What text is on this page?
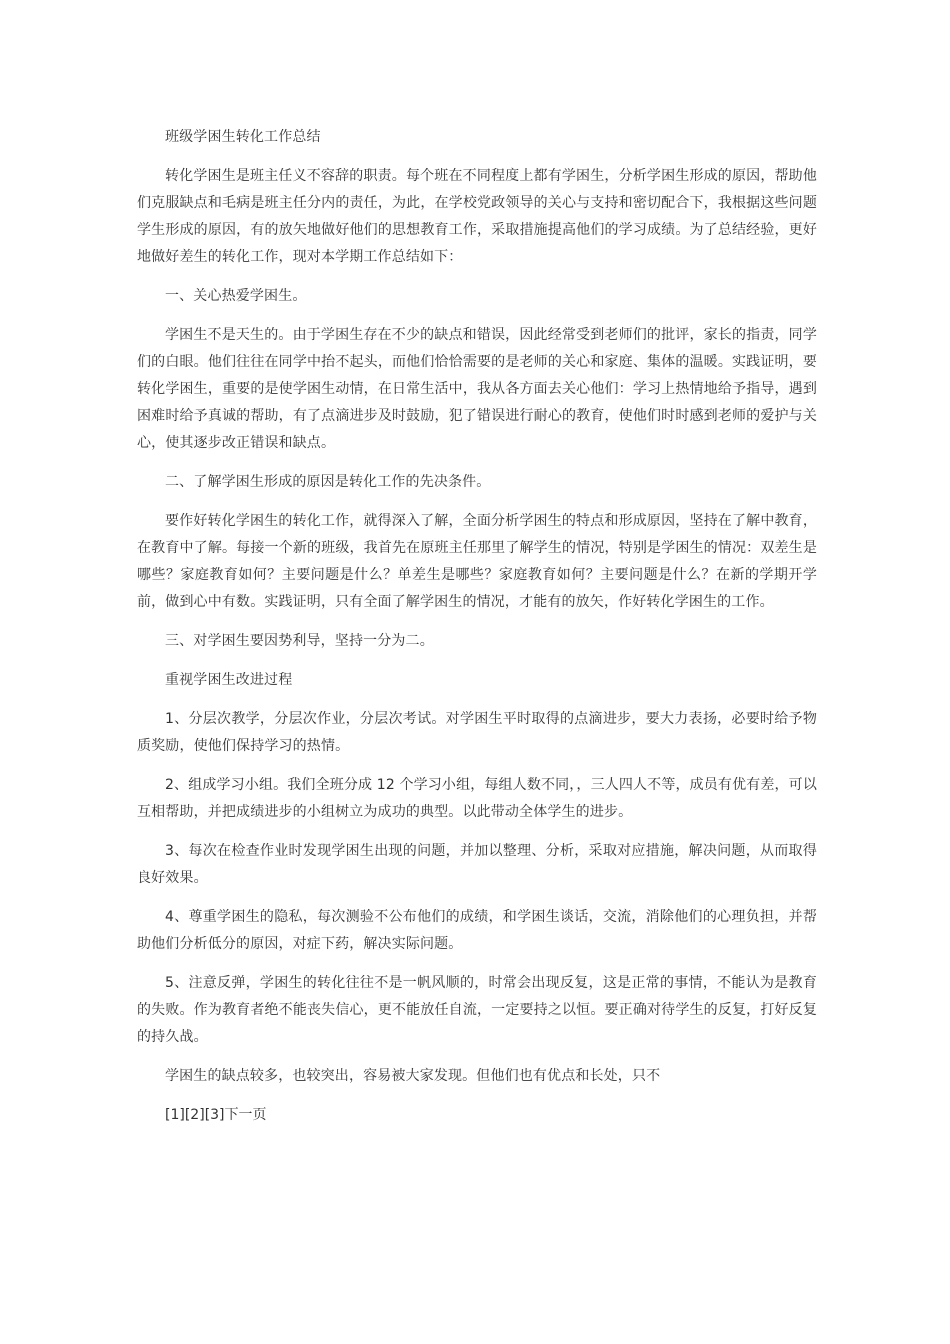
班级学困生转化工作总结

转化学困生是班主任义不容辞的职责。每个班在不同程度上都有学困生，分析学困生形成的原因，帮助他们克服缺点和毛病是班主任分内的责任，为此，在学校党政领导的关心与支持和密切配合下，我根据这些问题学生形成的原因，有的放矢地做好他们的思想教育工作，采取措施提高他们的学习成绩。为了总结经验，更好地做好差生的转化工作，现对本学期工作总结如下：

一、关心热爱学困生。

学困生不是天生的。由于学困生存在不少的缺点和错误，因此经常受到老师们的批评，家长的指责，同学们的白眼。他们往往在同学中抬不起头，而他们恰恰需要的是老师的关心和家庭、集体的温暖。实践证明，要转化学困生，重要的是使学困生动情，在日常生活中，我从各方面去关心他们：学习上热情地给予指导，遇到困难时给予真诚的帮助，有了点滴进步及时鼓励，犯了错误进行耐心的教育，使他们时时感到老师的爱护与关心，使其逐步改正错误和缺点。

二、了解学困生形成的原因是转化工作的先决条件。

要作好转化学困生的转化工作，就得深入了解，全面分析学困生的特点和形成原因，坚持在了解中教育，在教育中了解。每接一个新的班级，我首先在原班主任那里了解学生的情况，特别是学困生的情况：双差生是哪些？家庭教育如何？主要问题是什么？单差生是哪些？家庭教育如何？主要问题是什么？在新的学期开学前，做到心中有数。实践证明，只有全面了解学困生的情况，才能有的放矢，作好转化学困生的工作。

三、对学困生要因势利导，坚持一分为二。

重视学困生改进过程

1、分层次教学，分层次作业，分层次考试。对学困生平时取得的点滴进步，要大力表扬，必要时给予物质奖励，使他们保持学习的热情。

2、组成学习小组。我们全班分成 12 个学习小组，每组人数不同，，三人四人不等，成员有优有差，可以互相帮助，并把成绩进步的小组树立为成功的典型。以此带动全体学生的进步。

3、每次在检查作业时发现学困生出现的问题，并加以整理、分析，采取对应措施，解决问题，从而取得良好效果。

4、尊重学困生的隐私，每次测验不公布他们的成绩，和学困生谈话，交流，消除他们的心理负担，并帮助他们分析低分的原因，对症下药，解决实际问题。

5、注意反弹，学困生的转化往往不是一帆风顺的，时常会出现反复，这是正常的事情，不能认为是教育的失败。作为教育者绝不能丧失信心，更不能放任自流，一定要持之以恒。要正确对待学生的反复，打好反复的持久战。

学困生的缺点较多，也较突出，容易被大家发现。但他们也有优点和长处，只不

[1][2][3]下一页
